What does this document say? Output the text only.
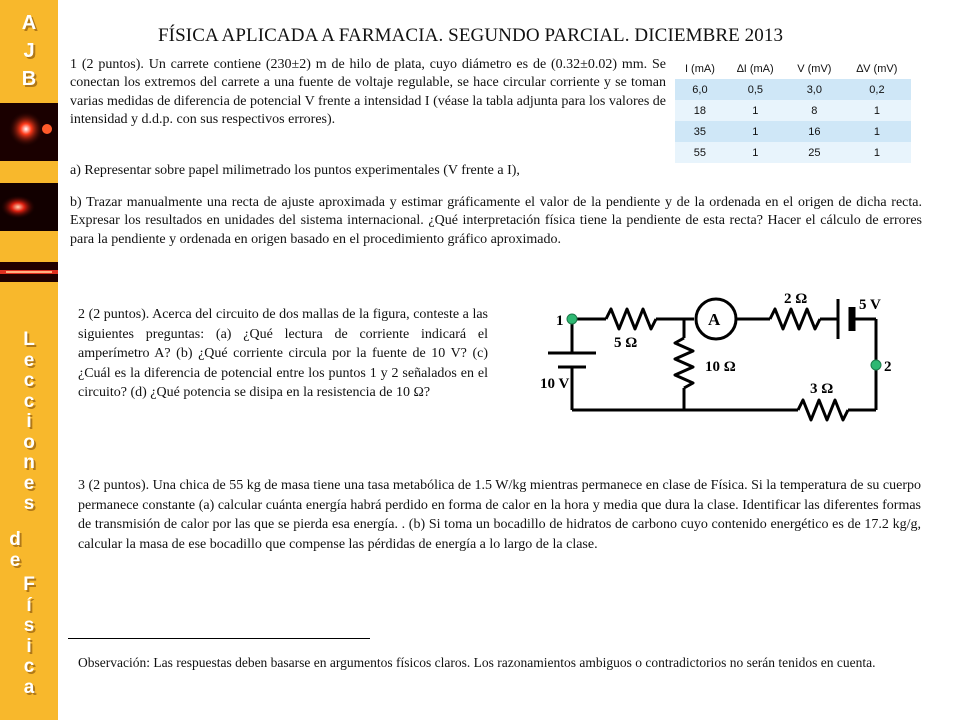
A
J
B
L
e
c
c
i
o
n
e
s
d
e
F
í
s
i
c
a
FÍSICA APLICADA A FARMACIA. SEGUNDO PARCIAL. DICIEMBRE 2013
1 (2 puntos). Un carrete contiene (230±2) m de hilo de plata, cuyo diámetro es de (0.32±0.02) mm. Se conectan los extremos del carrete a una fuente de voltaje regulable, se hace circular corriente y se toman varias medidas de diferencia de potencial V frente a intensidad I (véase la tabla adjunta para los valores de intensidad y d.d.p. con sus respectivos errores).
I (mA)	∆I (mA)	V (mV)	∆V (mV)
6,0	0,5	3,0	0,2
18	1	8	1
35	1	16	1
55	1	25	1
a) Representar sobre papel milimetrado los puntos experimentales (V frente a I),
b) Trazar manualmente una recta de ajuste aproximada y estimar gráficamente el valor de la pendiente y de la ordenada en el origen de dicha recta. Expresar los resultados en unidades del sistema internacional. ¿Qué interpretación física tiene la pendiente de esta recta? Hacer el cálculo de errores para la pendiente y ordenada en origen basado en el procedimiento gráfico aproximado.
2 (2 puntos). Acerca del circuito de dos mallas de la figura, conteste a las siguientes preguntas: (a) ¿Qué lectura de corriente indicará el amperímetro A? (b) ¿Qué corriente circula por la fuente de 10 V? (c) ¿Cuál es la diferencia de potencial entre los puntos 1 y 2 señalados en el circuito? (d) ¿Qué potencia se disipa en la resistencia de 10 Ω?
1
2
5 Ω
10 Ω
A
2 Ω	5 V
10 V	3 Ω
3 (2 puntos). Una chica de 55 kg de masa tiene una tasa metabólica de 1.5 W/kg mientras permanece en clase de Física. Si la temperatura de su cuerpo permanece constante (a) calcular cuánta energía habrá perdido en forma de calor en la hora y media que dura la clase. Identificar las diferentes formas de transmisión de calor por las que se pierda esa energía. . (b) Si toma un bocadillo de hidratos de carbono cuyo contenido energético es de 17.2 kg/g, calcular la masa de ese bocadillo que compense las pérdidas de energía a lo largo de la clase.
Observación: Las respuestas deben basarse en argumentos físicos claros. Los razonamientos ambiguos o contradictorios no serán tenidos en cuenta.
